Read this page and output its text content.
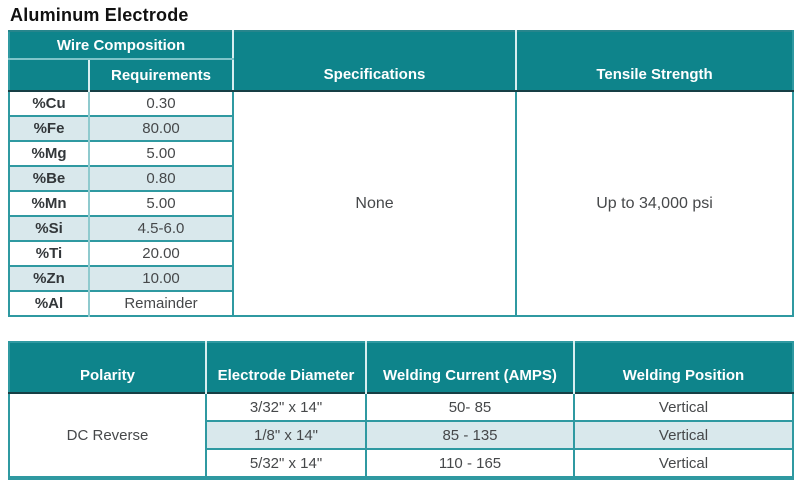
Aluminum Electrode
Wire Composition		Specifications	Tensile Strength
	Requirements		
%Cu	0.30	None	Up to 34,000 psi
%Fe	80.00		
%Mg	5.00		
%Be	0.80		
%Mn	5.00		
%Si	4.5-6.0		
%Ti	20.00		
%Zn	10.00		
%Al	Remainder		
Polarity	Electrode Diameter	Welding Current (AMPS)	Welding Position
DC Reverse	3/32" x 14"	50- 85	Vertical
	1/8" x 14"	85 - 135	Vertical
	5/32" x 14"	110 - 165	Vertical
